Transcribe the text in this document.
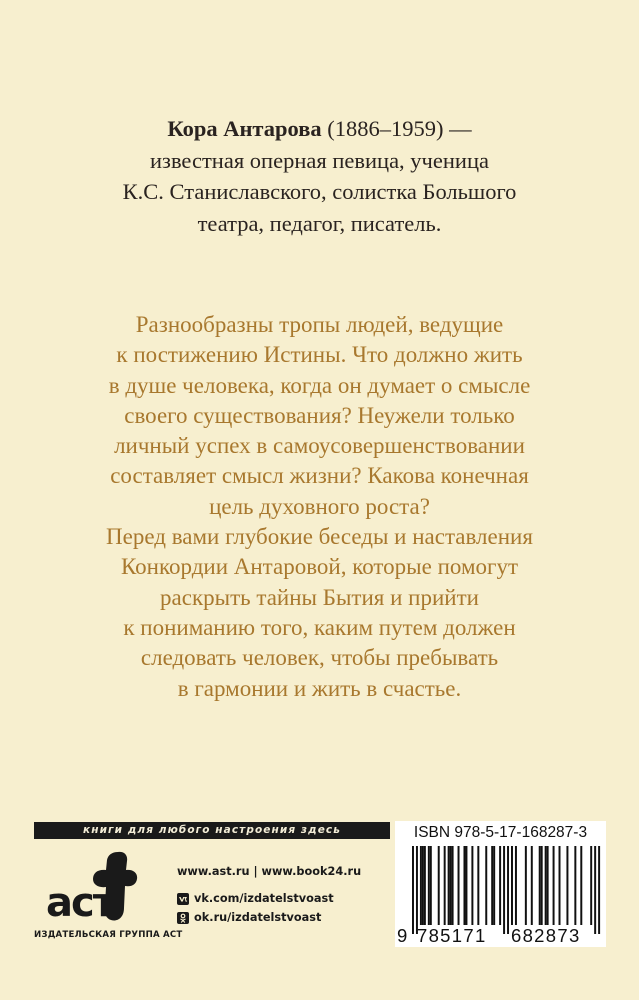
Кора Антарова (1886–1959) —
известная оперная певица, ученица
К.С. Станиславского, солистка Большого
театра, педагог, писатель.
Разнообразны тропы людей, ведущие
к постижению Истины. Что должно жить
в душе человека, когда он думает о смысле
своего существования? Неужели только
личный успех в самоусовершенствовании
составляет смысл жизни? Какова конечная
цель духовного роста?
Перед вами глубокие беседы и наставления
Конкордии Антаровой, которые помогут
раскрыть тайны Бытия и прийти
к пониманию того, каким путем должен
следовать человек, чтобы пребывать
в гармонии и жить в счастье.
книги для любого настроения здесь
аст
ИЗДАТЕЛЬСКАЯ ГРУППА АСТ
www.ast.ru | www.book24.ru
vk.com/izdatelstvoast
ok.ru/izdatelstvoast
ISBN 978-5-17-168287-3
9 785171 682873
